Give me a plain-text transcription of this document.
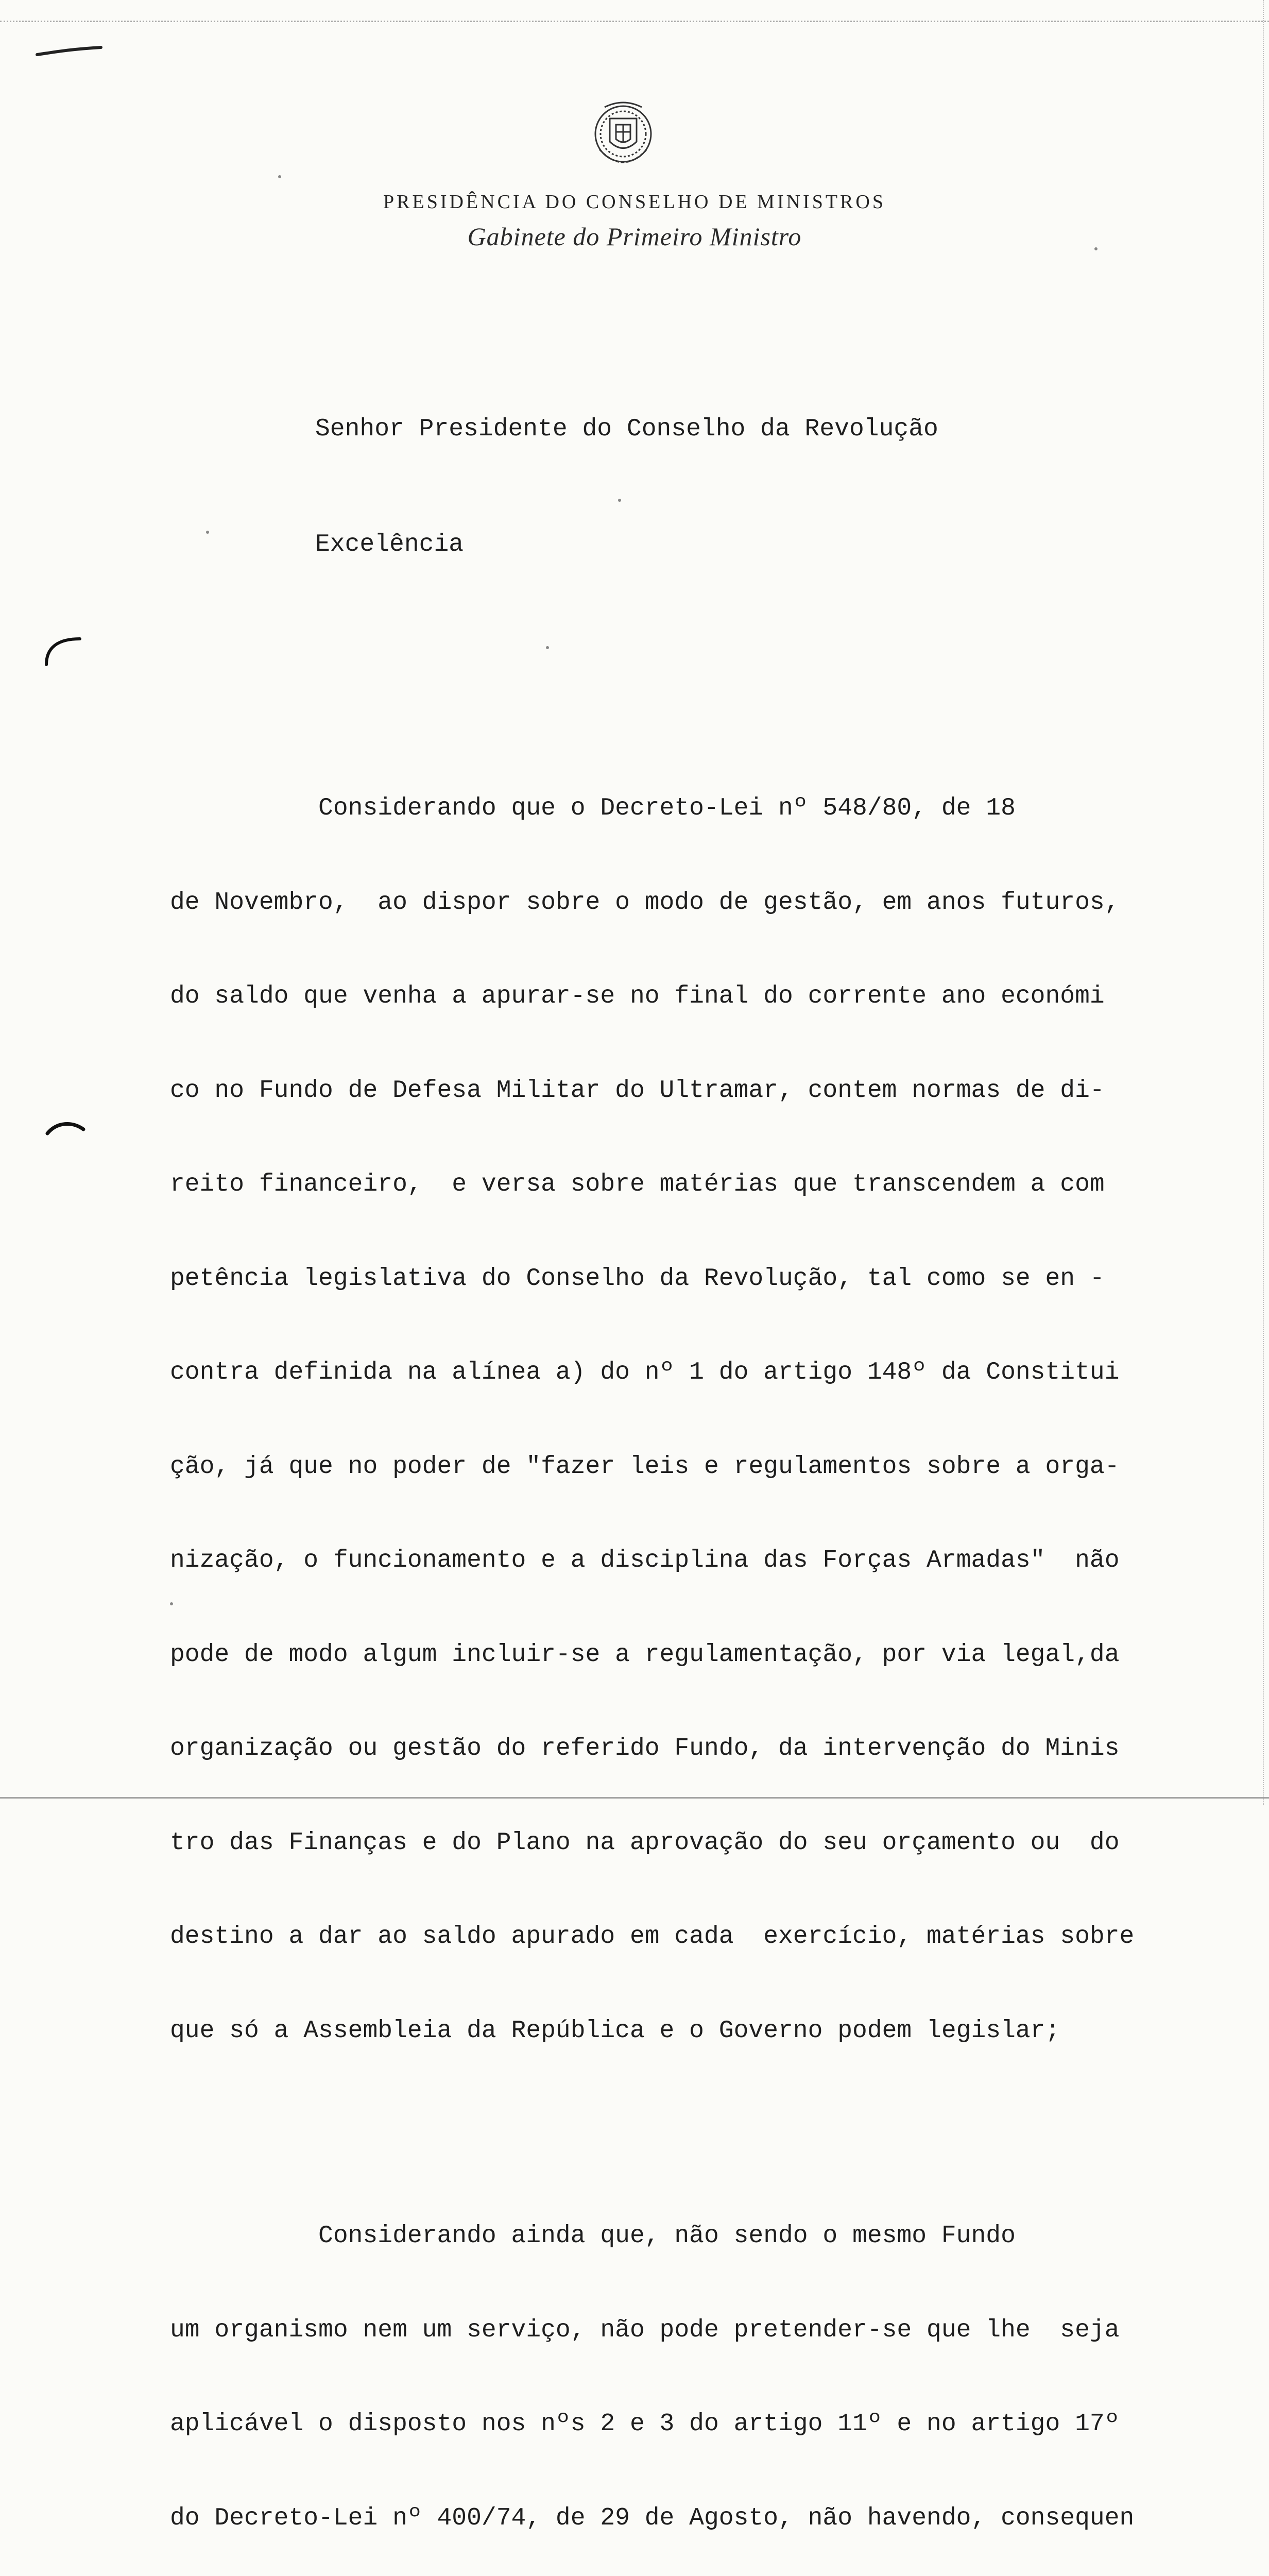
PRESIDÊNCIA DO CONSELHO DE MINISTROS
Gabinete do Primeiro Ministro
Senhor Presidente do Conselho da Revolução
Excelência

Considerando que o Decreto-Lei nº 548/80, de 18

de Novembro,  ao dispor sobre o modo de gestão, em anos futuros,

do saldo que venha a apurar-se no final do corrente ano económi

co no Fundo de Defesa Militar do Ultramar, contem normas de di-

reito financeiro,  e versa sobre matérias que transcendem a com

petência legislativa do Conselho da Revolução, tal como se en -

contra definida na alínea a) do nº 1 do artigo 148º da Constitui

ção, já que no poder de "fazer leis e regulamentos sobre a orga-

nização, o funcionamento e a disciplina das Forças Armadas"  não

pode de modo algum incluir-se a regulamentação, por via legal,da

organização ou gestão do referido Fundo, da intervenção do Minis

tro das Finanças e do Plano na aprovação do seu orçamento ou  do

destino a dar ao saldo apurado em cada  exercício, matérias sobre

que só a Assembleia da República e o Governo podem legislar;

Considerando ainda que, não sendo o mesmo Fundo

um organismo nem um serviço, não pode pretender-se que lhe  seja

aplicável o disposto nos nºs 2 e 3 do artigo 11º e no artigo 17º

do Decreto-Lei nº 400/74, de 29 de Agosto, não havendo, consequen
